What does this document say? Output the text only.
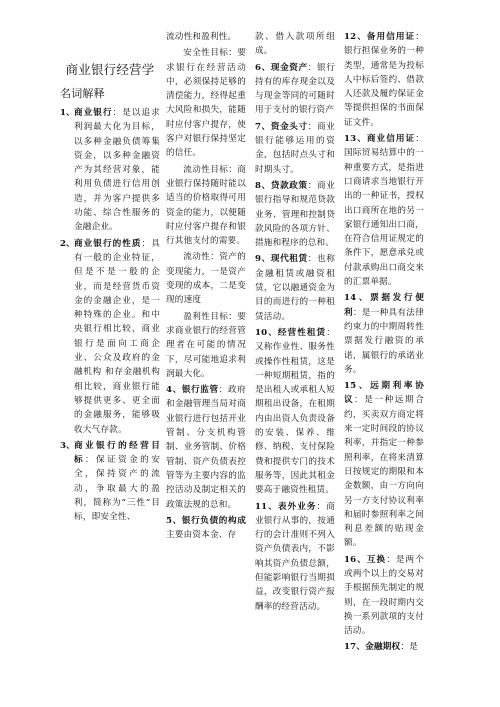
商业银行经营学
名词解释
1、 商业银行：是以追求利润最大化为目标，以多种金融负债筹集资金，以多种金融资产为其经营对象，能利用负债进行信用创造，并为客户提供多功能、综合性服务的金融企业。
2、 商业银行的性质：具有一般的企业特征，但是不是一般的企业，而是经营货币资金的金融企业，是一种特殊的企业。和中央银行相比较，商业银行是面向工商企业、公众及政府的金融机构 和存金融机构相比较，商业银行能够提供更多、更全面的金融服务，能够吸收大气存款。
3、 商业银行的经营目标：保证资金的安全，保持资产的流动，争取最大的盈利，简称为“三性”目标，即安全性、
流动性和盈利性。
安全性目标：要求银行在经营活动中，必须保持足够的清偿能力，经得起重大风险和损失，能随时应付客户提存，使客户对银行保持坚定的信任。
流动性目标：商业银行保持随时能以适当的价格取得可用资金的能力，以便随时应付客户提存和银行其他支付的需要。
流动性：资产的变现能力，一是资产变现的成本，二是变现的速度
盈利性目标：要求商业银行的经营管理者在可能的情况下，尽可能地追求利润最大化。
4、银行监管：政府和金融管理当局对商业银行进行包括开业管制、分支机构管制、业务管制、价格管制、资产负债表控管等为主要内容的监控活动及制定相关的政策法规的总和。
5、银行负债的构成主要由资本金、存
款、借入款项所组成。
6、现金资产：银行持有的库存现金以及与现金等同的可随时用于支付的银行资产
7、资金头寸：商业银行能够运用的资金，包括时点头寸和时期头寸。
8、贷款政策：商业银行指导和规范贷款业务、管理和控制贷款风险的各项方针、措施和程序的总和。
9、现代租赁：也称金融租赁或融资租赁，它以融通资金为目的而进行的一种租赁活动。
10、经营性租赁：又称作业性、服务性或操作性租赁，这是一种短期租赁，指的是出租人或承租人短期租出设备，在租期内由出资人负责设备的安装、保养、维修、纳税、支付保险费和提供专门的技术服务等，因此其租金要高于融资性租赁。
11、表外业务：商业银行从事的，按通行的会计准则不列入资产负债表内，不影响其资产负债总额，但能影响银行当期损益，改变银行资产报酬率的经营活动。
12、备用信用证：银行担保业务的一种类型，通常是为投标人中标后签约、借款人还款及履约保证金等提供担保的书面保证文件。
13、商业信用证：国际贸易结算中的一种重要方式，是指进口商请求当地银行开出的一种证书，授权出口商所在地的另一家银行通知出口商，在符合信用证规定的条件下，愿意承兑或付款承购出口商交来的汇票单据。
14、票据发行便利：是一种具有法律约束力的中期周转性票据发行融资的承诺，属银行的承诺业务。
15、远期利率协议：是一种远期合约，买卖双方商定将来一定时间段的协议利率，并指定一种参照利率，在将来清算日按规定的期限和本金数额，由一方向向另一方支付协议利率和届时参照利率之间利息差额的贴现金额。
16、互换：是两个或两个以上的交易对手根据预先制定的规则，在一段时期内交换一系列款项的支付活动。
17、金融期权：是
